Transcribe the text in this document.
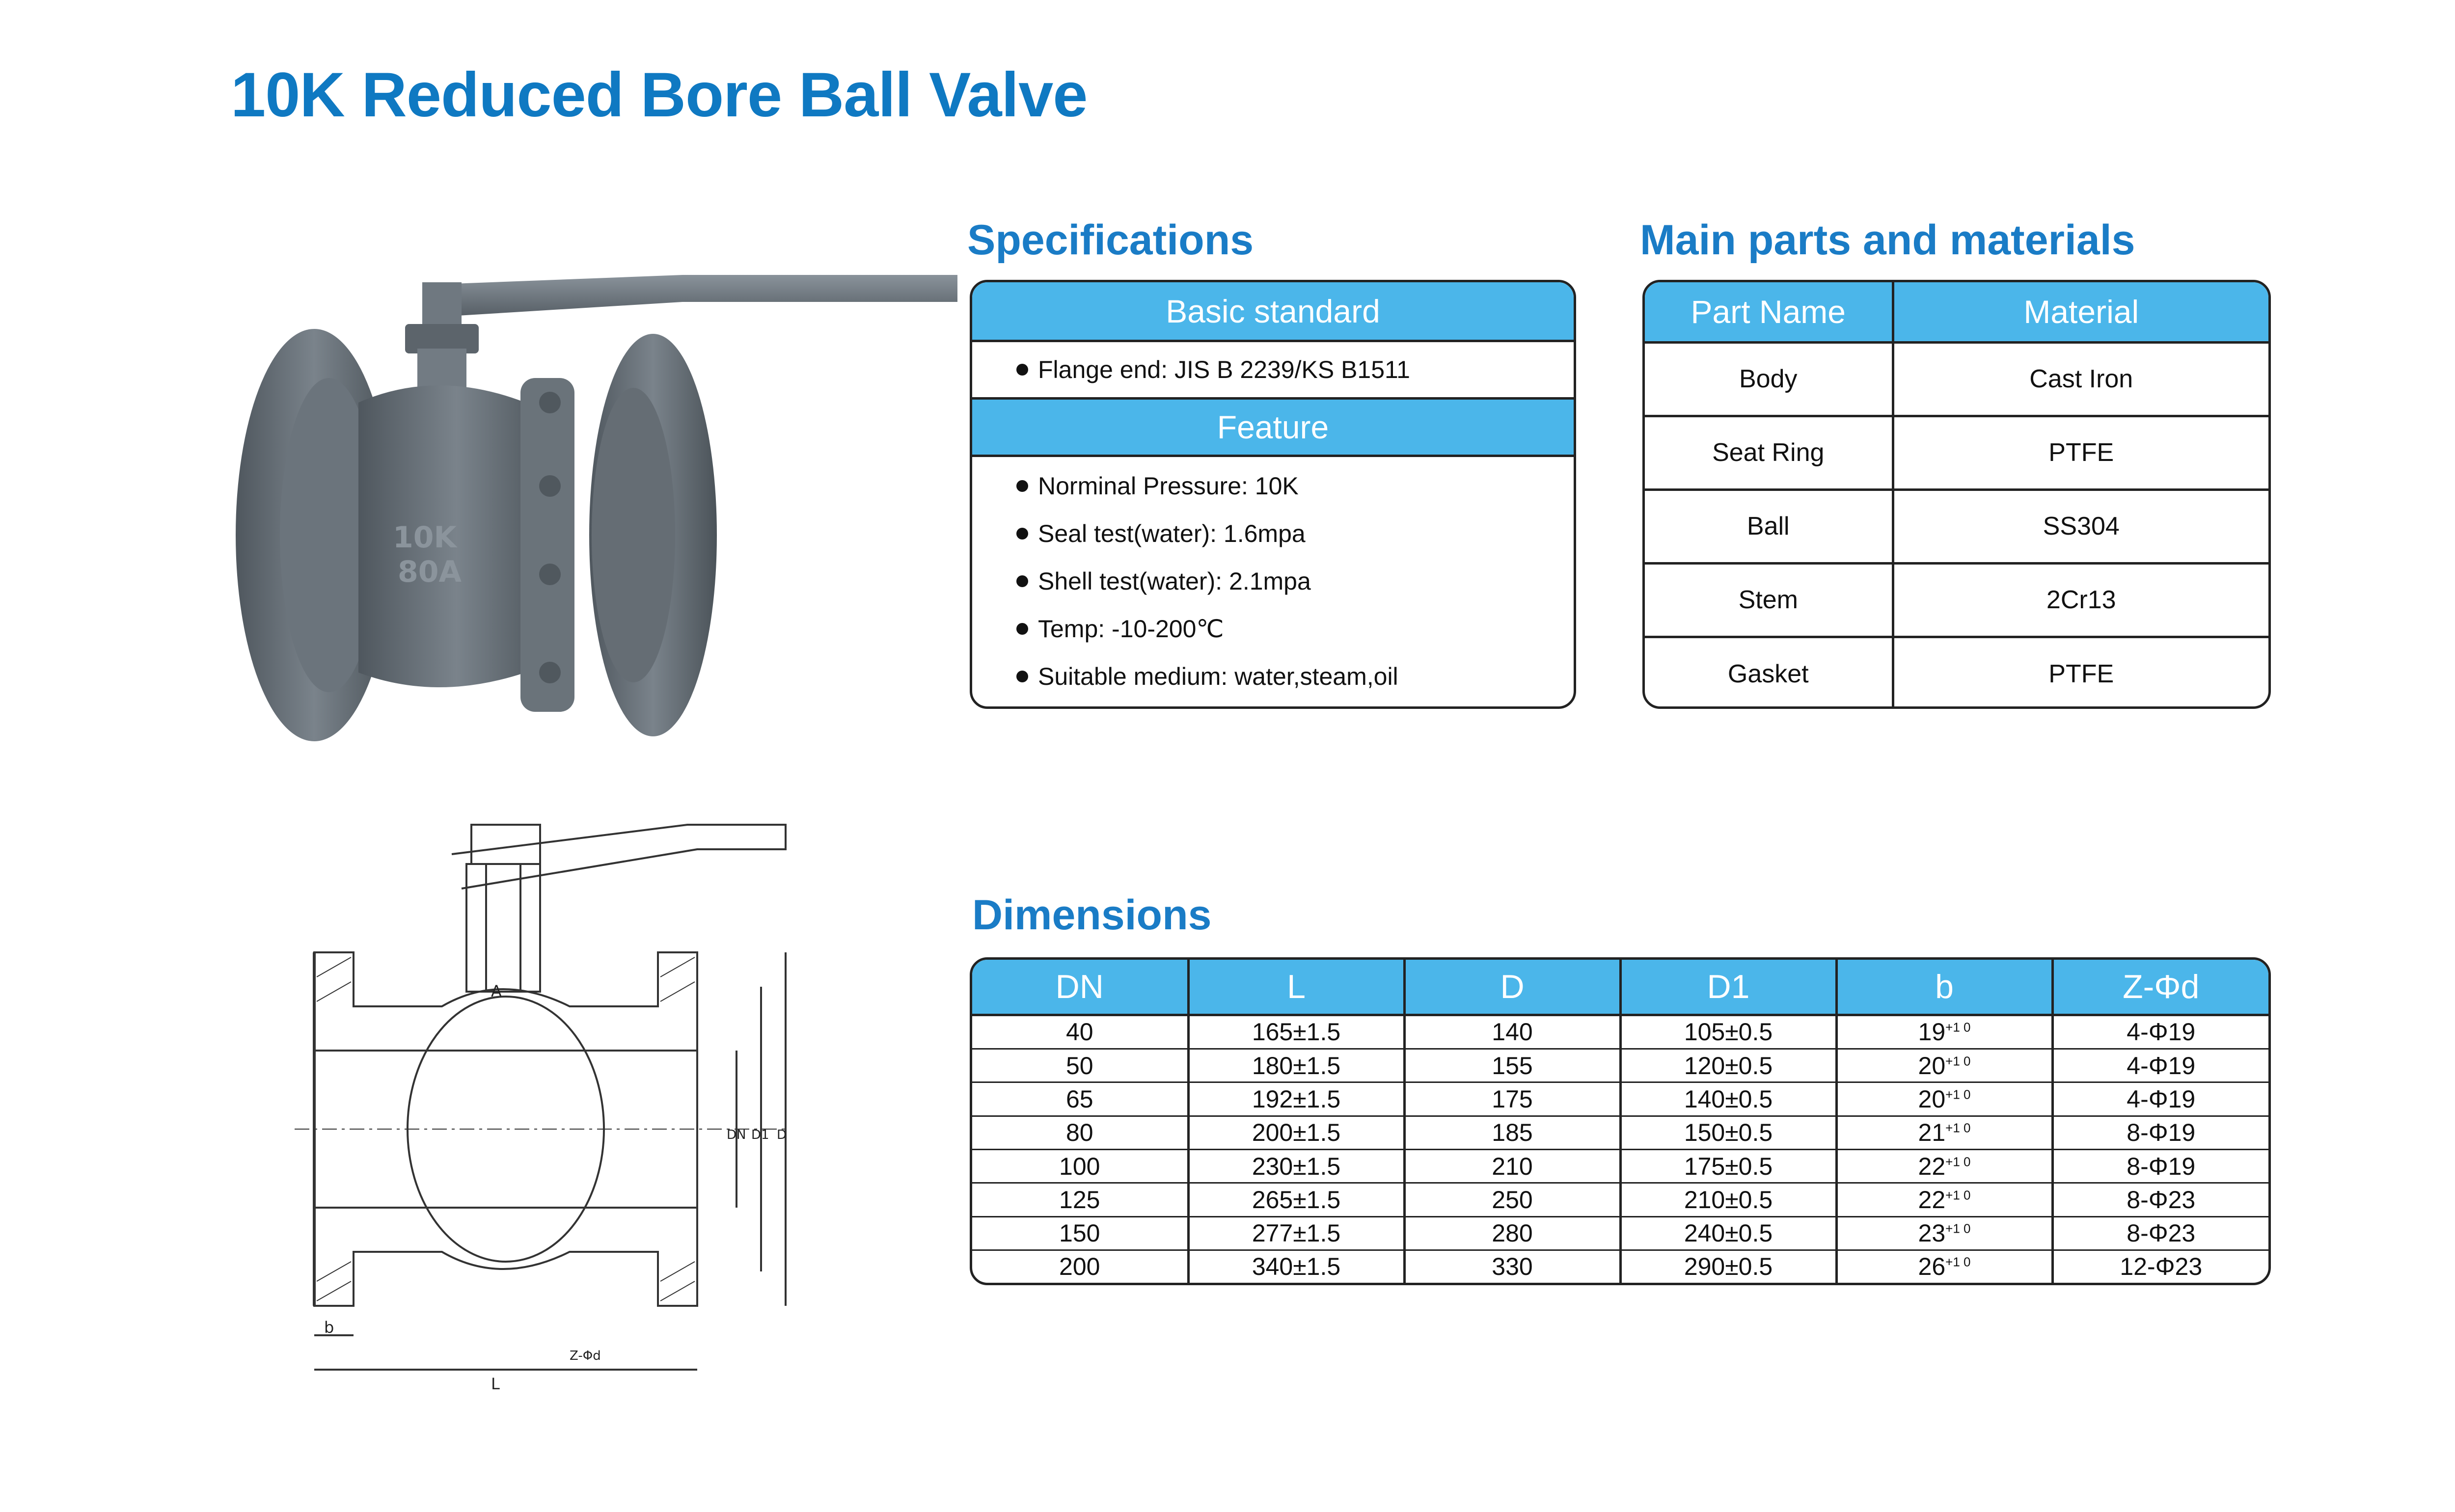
10K Reduced Bore Ball Valve
10K
80A
b
L
Z-Φd
A
DN D1 D
Specifications
Basic standard
Flange end: JIS B 2239/KS B1511
Feature
Norminal Pressure: 10K
Seal test(water): 1.6mpa
Shell test(water): 2.1mpa
Temp: -10-200℃
Suitable medium: water,steam,oil
Main parts and materials
Part Name	Material
Body	Cast Iron
Seat Ring	PTFE
Ball	SS304
Stem	2Cr13
Gasket	PTFE
Dimensions
DN	L	D	D1	b	Z-Φd
40	165±1.5	140	105±0.5	$19^{+1 0}$	4-Φ19
50	180±1.5	155	120±0.5	$20^{+1 0}$	4-Φ19
65	192±1.5	175	140±0.5	$20^{+1 0}$	4-Φ19
80	200±1.5	185	150±0.5	$21^{+1 0}$	8-Φ19
100	230±1.5	210	175±0.5	$22^{+1 0}$	8-Φ19
125	265±1.5	250	210±0.5	$22^{+1 0}$	8-Φ23
150	277±1.5	280	240±0.5	$23^{+1 0}$	8-Φ23
200	340±1.5	330	290±0.5	$26^{+1 0}$	12-Φ23
